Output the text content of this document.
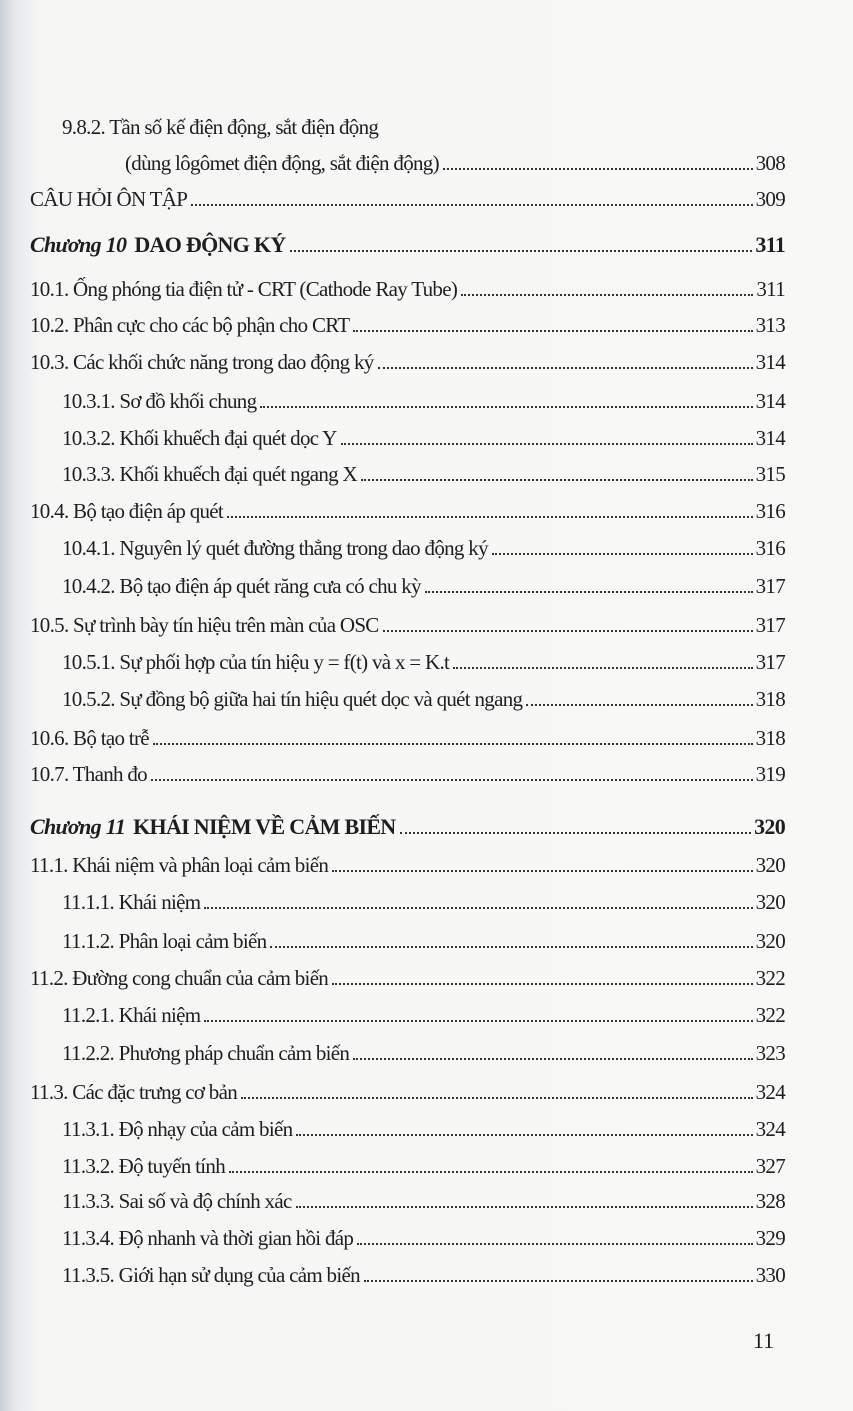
9.8.2. Tần số kế điện động, sắt điện động
(dùng lôgômet điện động, sắt điện động)	308
CÂU HỎI ÔN TẬP	309
Chương 10 DAO ĐỘNG KÝ	311
10.1. Ống phóng tia điện tử - CRT (Cathode Ray Tube)	311
10.2. Phân cực cho các bộ phận cho CRT	313
10.3. Các khối chức năng trong dao động ký	314
10.3.1. Sơ đồ khối chung	314
10.3.2. Khối khuếch đại quét dọc Y	314
10.3.3. Khối khuếch đại quét ngang X	315
10.4. Bộ tạo điện áp quét	316
10.4.1. Nguyên lý quét đường thẳng trong dao động ký	316
10.4.2. Bộ tạo điện áp quét răng cưa có chu kỳ	317
10.5. Sự trình bày tín hiệu trên màn của OSC	317
10.5.1. Sự phối hợp của tín hiệu y = f(t) và x = K.t	317
10.5.2. Sự đồng bộ giữa hai tín hiệu quét dọc và quét ngang	318
10.6. Bộ tạo trễ	318
10.7. Thanh đo	319
Chương 11 KHÁI NIỆM VỀ CẢM BIẾN	320
11.1. Khái niệm và phân loại cảm biến	320
11.1.1. Khái niệm	320
11.1.2. Phân loại cảm biến	320
11.2. Đường cong chuẩn của cảm biến	322
11.2.1. Khái niệm	322
11.2.2. Phương pháp chuẩn cảm biến	323
11.3. Các đặc trưng cơ bản	324
11.3.1. Độ nhạy của cảm biến	324
11.3.2. Độ tuyến tính	327
11.3.3. Sai số và độ chính xác	328
11.3.4. Độ nhanh và thời gian hồi đáp	329
11.3.5. Giới hạn sử dụng của cảm biến	330
11
